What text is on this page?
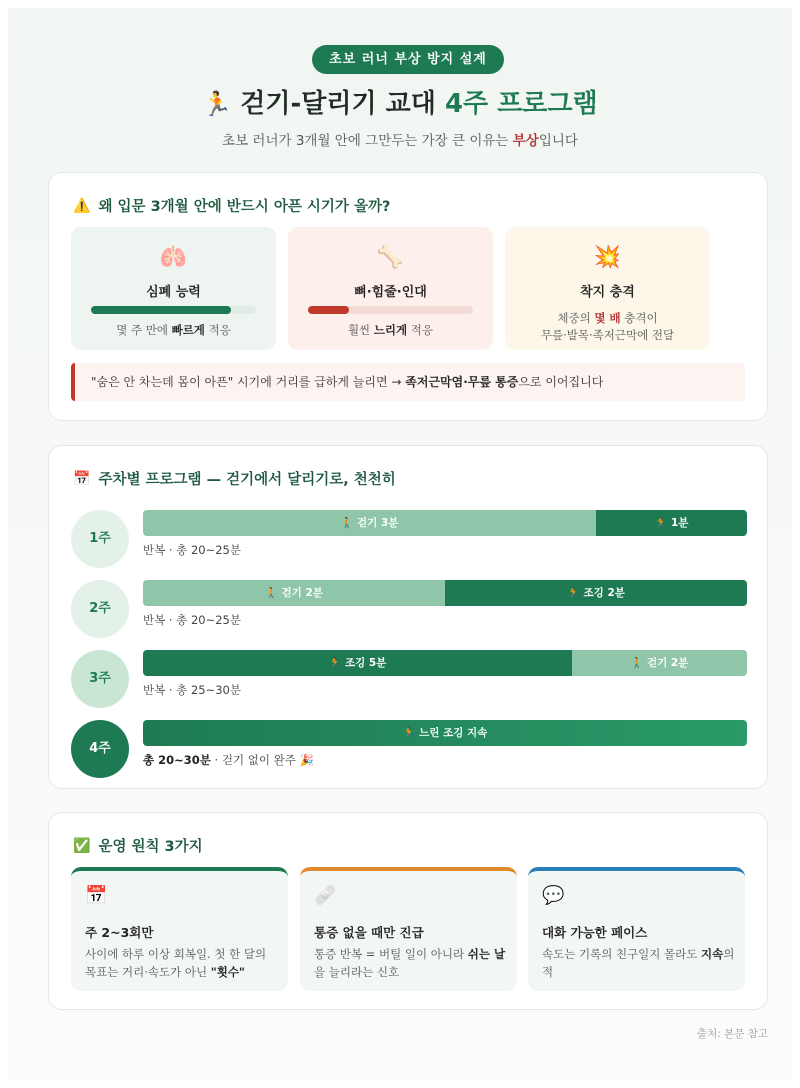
초보 러너 부상 방지 설계
🏃 걷기-달리기 교대 4주 프로그램
초보 러너가 3개월 안에 그만두는 가장 큰 이유는 부상입니다
⚠️ 왜 입문 3개월 안에 반드시 아픈 시기가 올까?
🫁
심폐 능력
몇 주 만에 빠르게 적응
🦴
뼈·힘줄·인대
훨씬 느리게 적응
💥
착지 충격
체중의 몇 배 충격이
무릎·발목·족저근막에 전달
"숨은 안 차는데 몸이 아픈" 시기에 거리를 급하게 늘리면 → 족저근막염·무릎 통증으로 이어집니다
📅 주차별 프로그램 — 걷기에서 달리기로, 천천히
1주
🚶 걷기 3분	🏃 1분
반복 · 총 20~25분
2주
🚶 걷기 2분	🏃 조깅 2분
반복 · 총 20~25분
3주
🏃 조깅 5분	🚶 걷기 2분
반복 · 총 25~30분
4주
🏃 느린 조깅 지속
총 20~30분 · 걷기 없이 완주 🎉
✅ 운영 원칙 3가지
📅
주 2~3회만
사이에 하루 이상 회복일. 첫 한 달의 목표는 거리·속도가 아닌 "횟수"
🩹
통증 없을 때만 진급
통증 반복 = 버틸 일이 아니라 쉬는 날을 늘리라는 신호
💬
대화 가능한 페이스
속도는 기록의 친구일지 몰라도 지속의 적
출처: 본문 참고
